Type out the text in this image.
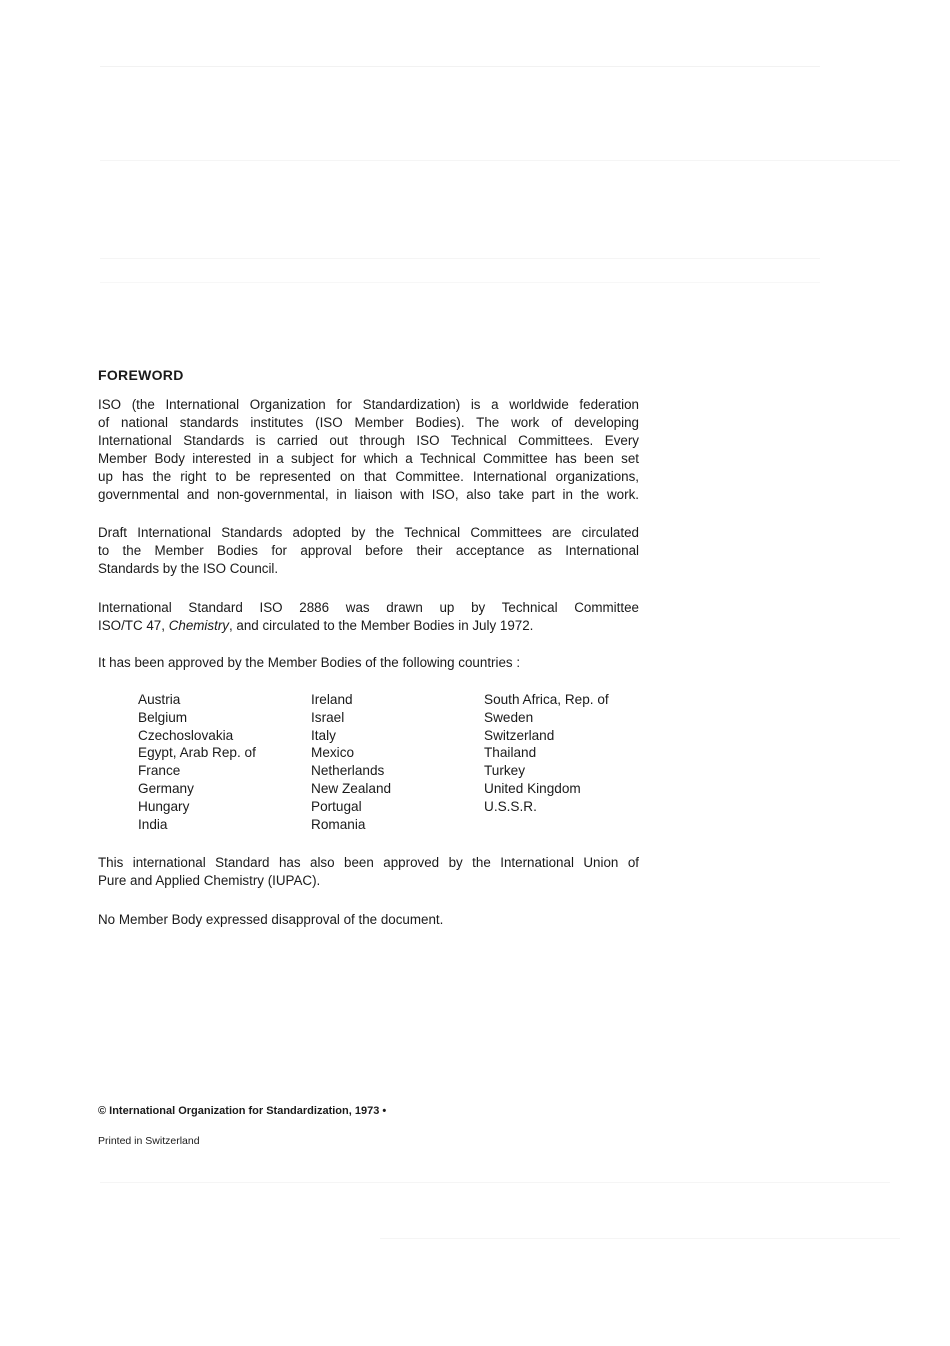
FOREWORD
ISO (the International Organization for Standardization) is a worldwide federation
of national standards institutes (ISO Member Bodies). The work of developing
International Standards is carried out through ISO Technical Committees. Every
Member Body interested in a subject for which a Technical Committee has been set
up has the right to be represented on that Committee. International organizations,
governmental and non-governmental, in liaison with ISO, also take part in the work.
Draft International Standards adopted by the Technical Committees are circulated
to the Member Bodies for approval before their acceptance as International
Standards by the ISO Council.
International Standard ISO 2886 was drawn up by Technical Committee
ISO/TC 47, Chemistry, and circulated to the Member Bodies in July 1972.
It has been approved by the Member Bodies of the following countries :
Austria
Belgium
Czechoslovakia
Egypt, Arab Rep. of
France
Germany
Hungary
India
Ireland
Israel
Italy
Mexico
Netherlands
New Zealand
Portugal
Romania
South Africa, Rep. of
Sweden
Switzerland
Thailand
Turkey
United Kingdom
U.S.S.R.
This international Standard has also been approved by the International Union of
Pure and Applied Chemistry (IUPAC).
No Member Body expressed disapproval of the document.
© International Organization for Standardization, 1973 •
Printed in Switzerland
